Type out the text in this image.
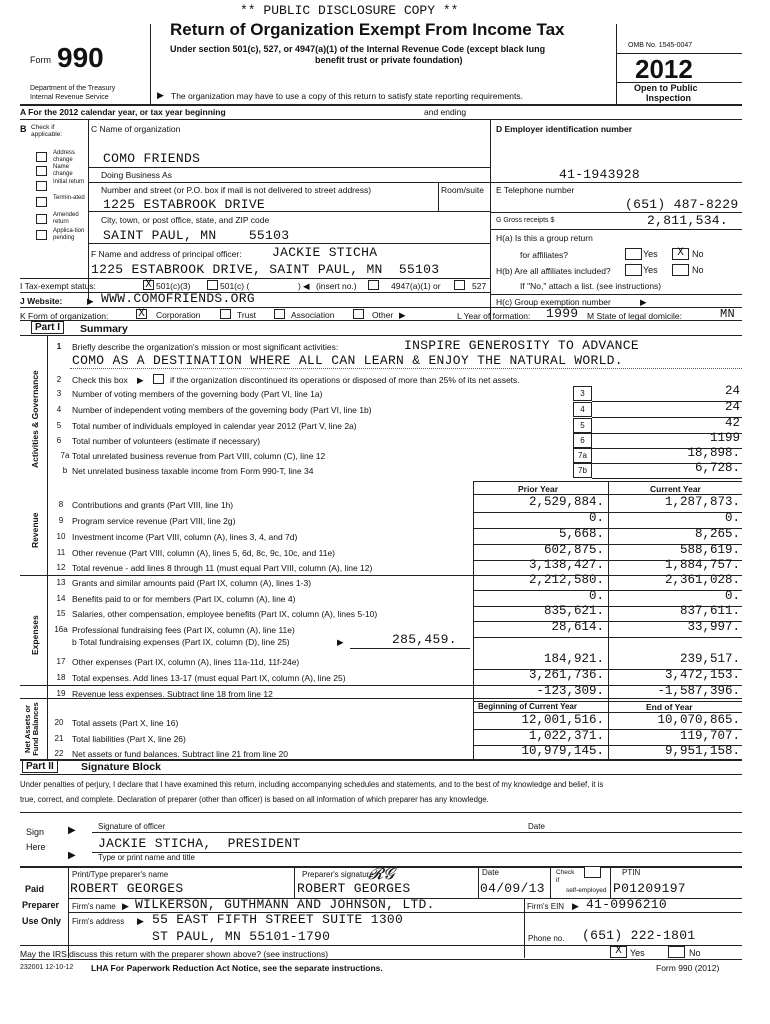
** PUBLIC DISCLOSURE COPY **
Form 990
Department of the Treasury
Internal Revenue Service
Return of Organization Exempt From Income Tax
Under section 501(c), 527, or 4947(a)(1) of the Internal Revenue Code (except black lung
benefit trust or private foundation)
▶ The organization may have to use a copy of this return to satisfy state reporting requirements.
OMB No. 1545-0047
2012
Open to Public
Inspection
A For the 2012 calendar year, or tax year beginning	and ending
B Check if applicable:
Address change
Name change
Initial return
Termin-ated
Amended return
Applica-tion pending
C Name of organization
COMO FRIENDS
Doing Business As
Number and street (or P.O. box if mail is not delivered to street address)	Room/suite
1225 ESTABROOK DRIVE
City, town, or post office, state, and ZIP code
SAINT PAUL, MN    55103
F Name and address of principal officer: JACKIE STICHA
1225 ESTABROOK DRIVE, SAINT PAUL, MN  55103
D Employer identification number
41-1943928
E Telephone number
(651) 487-8229
G Gross receipts $	2,811,534.
H(a) Is this a group return
for affiliates?	Yes	X No
H(b) Are all affiliates included?	Yes	No
If "No," attach a list. (see instructions)
H(c) Group exemption number	▶
I Tax-exempt status:	X 501(c)(3)	501(c) (	) ◀ (insert no.)	4947(a)(1) or	527
J Website:	▶ WWW.COMOFRIENDS.ORG
K Form of organization:	X Corporation	Trust	Association	Other ▶	L Year of formation: 1999 M State of legal domicile:	MN
Part I	Summary
Activities & Governance
Revenue
Expenses
Net Assets or Fund Balances
1	Briefly describe the organization's mission or most significant activities:	INSPIRE GENEROSITY TO ADVANCE
COMO AS A DESTINATION WHERE ALL CAN LEARN & ENJOY THE NATURAL WORLD.
2	Check this box ▶	if the organization discontinued its operations or disposed of more than 25% of its net assets.
3	Number of voting members of the governing body (Part VI, line 1a)	3	24
4	Number of independent voting members of the governing body (Part VI, line 1b)	4	24
5	Total number of individuals employed in calendar year 2012 (Part V, line 2a)	5	42
6	Total number of volunteers (estimate if necessary)	6	1199
7a Total unrelated business revenue from Part VIII, column (C), line 12	7a	18,898.
b Net unrelated business taxable income from Form 990-T, line 34	7b	6,728.
Prior Year	Current Year
8	Contributions and grants (Part VIII, line 1h)	2,529,884.	1,287,873.
9	Program service revenue (Part VIII, line 2g)	0.	0.
10 Investment income (Part VIII, column (A), lines 3, 4, and 7d)	5,668.	8,265.
11 Other revenue (Part VIII, column (A), lines 5, 6d, 8c, 9c, 10c, and 11e)	602,875.	588,619.
12 Total revenue - add lines 8 through 11 (must equal Part VIII, column (A), line 12)	3,138,427.	1,884,757.
13 Grants and similar amounts paid (Part IX, column (A), lines 1-3)	2,212,580.	2,361,028.
14 Benefits paid to or for members (Part IX, column (A), line 4)	0.	0.
15 Salaries, other compensation, employee benefits (Part IX, column (A), lines 5-10)	835,621.	837,611.
16a Professional fundraising fees (Part IX, column (A), line 11e)	28,614.	33,997.
17 Other expenses (Part IX, column (A), lines 11a-11d, 11f-24e)	184,921.	239,517.
18 Total expenses. Add lines 13-17 (must equal Part IX, column (A), line 25)	3,261,736.	3,472,153.
19 Revenue less expenses. Subtract line 18 from line 12	-123,309.	-1,587,396.
b Total fundraising expenses (Part IX, column (D), line 25)	▶	285,459.
Beginning of Current Year	End of Year
20	Total assets (Part X, line 16)	12,001,516.	10,070,865.
21	Total liabilities (Part X, line 26)	1,022,371.	119,707.
22	Net assets or fund balances. Subtract line 21 from line 20	10,979,145.	9,951,158.
Part II	Signature Block
Under penalties of perjury, I declare that I have examined this return, including accompanying schedules and statements, and to the best of my knowledge and belief, it is
true, correct, and complete. Declaration of preparer (other than officer) is based on all information of which preparer has any knowledge.
Sign
Here
▶
▶
Signature of officer	Date
JACKIE STICHA,  PRESIDENT
Type or print name and title
Paid
Preparer
Use Only
Print/Type preparer's name	Preparer's signature
𝓡𝓖	Date	Check
if
self-employed
PTIN
ROBERT GEORGES	ROBERT GEORGES	04/09/13	P01209197
Firm's name ▶ WILKERSON, GUTHMANN AND JOHNSON, LTD.	Firm's EIN ▶ 41-0996210
Firm's address ▶ 55 EAST FIFTH STREET SUITE 1300
ST PAUL, MN 55101-1790	Phone no. (651) 222-1801
May the IRS discuss this return with the preparer shown above? (see instructions)	X Yes	No
232001 12-10-12 LHA For Paperwork Reduction Act Notice, see the separate instructions.	Form 990 (2012)
